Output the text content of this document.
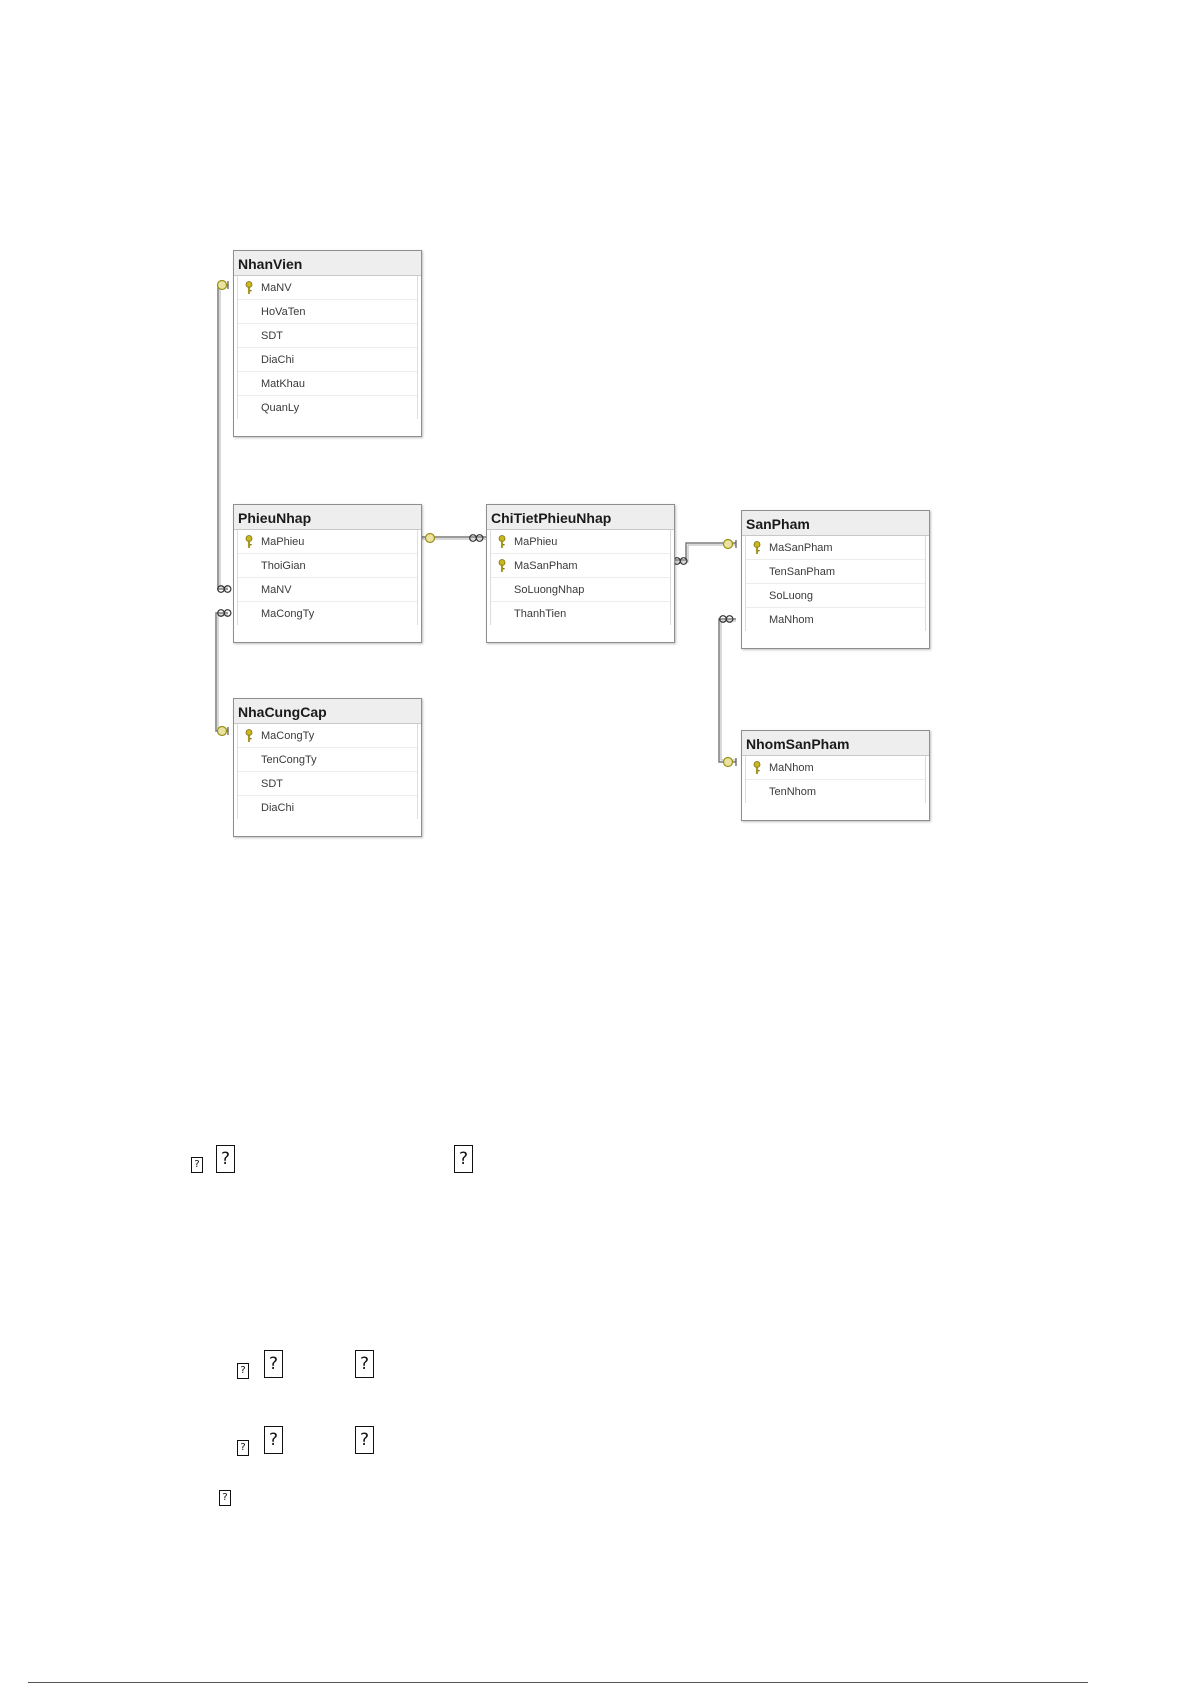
NhanVien
MaNV
HoVaTen
SDT
DiaChi
MatKhau
QuanLy
PhieuNhap
MaPhieu
ThoiGian
MaNV
MaCongTy
ChiTietPhieuNhap
MaPhieu
MaSanPham
SoLuongNhap
ThanhTien
SanPham
MaSanPham
TenSanPham
SoLuong
MaNhom
NhaCungCap
MaCongTy
TenCongTy
SDT
DiaChi
NhomSanPham
MaNhom
TenNhom
? ?	?
? ?	?
? ?	?
?
